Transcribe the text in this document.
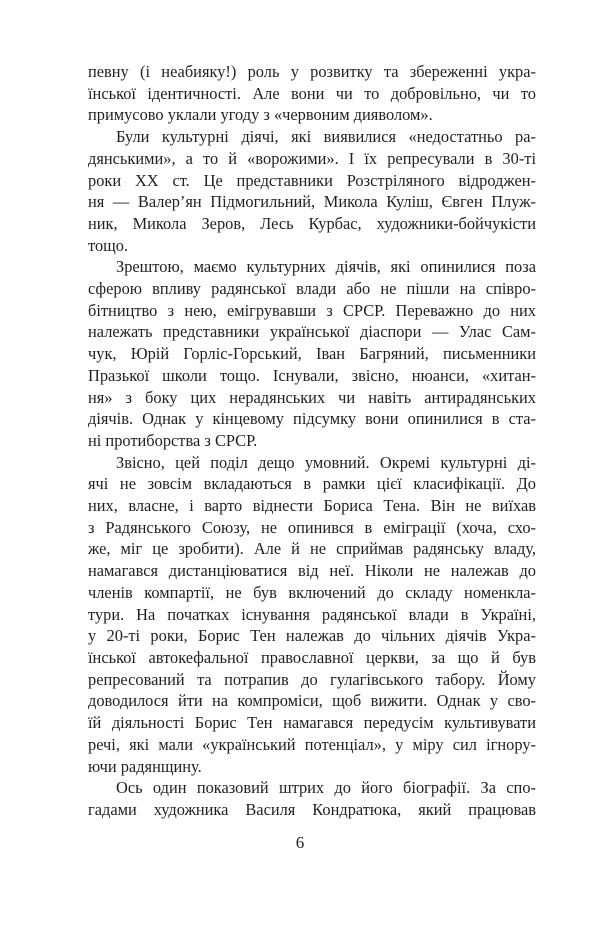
певну (і неабияку!) роль у розвитку та збереженні укра-
їнської ідентичності. Але вони чи то добровільно, чи то
примусово уклали угоду з «червоним дияволом».
Були культурні діячі, які виявилися «недостатньо ра-
дянськими», а то й «ворожими». І їх репресували в 30-ті
роки XX ст. Це представники Розстріляного відроджен-
ня — Валер’ян Підмогильний, Микола Куліш, Євген Плуж-
ник, Микола Зеров, Лесь Курбас, художники-бойчукісти
тощо.
Зрештою, маємо культурних діячів, які опинилися поза
сферою впливу радянської влади або не пішли на співро-
бітництво з нею, емігрувавши з СРСР. Переважно до них
належать представники української діаспори — Улас Сам-
чук, Юрій Горліс-Горський, Іван Багряний, письменники
Празької школи тощо. Існували, звісно, нюанси, «хитан-
ня» з боку цих нерадянських чи навіть антирадянських
діячів. Однак у кінцевому підсумку вони опинилися в ста-
ні протиборства з СРСР.
Звісно, цей поділ дещо умовний. Окремі культурні ді-
ячі не зовсім вкладаються в рамки цієї класифікації. До
них, власне, і варто віднести Бориса Тена. Він не виїхав
з Радянського Союзу, не опинився в еміграції (хоча, схо-
же, міг це зробити). Але й не сприймав радянську владу,
намагався дистанціюватися від неї. Ніколи не належав до
членів компартії, не був включений до складу номенкла-
тури. На початках існування радянської влади в Україні,
у 20-ті роки, Борис Тен належав до чільних діячів Укра-
їнської автокефальної православної церкви, за що й був
репресований та потрапив до гулагівського табору. Йому
доводилося йти на компроміси, щоб вижити. Однак у сво-
їй діяльності Борис Тен намагався передусім культивувати
речі, які мали «український потенціал», у міру сил ігнору-
ючи радянщину.
Ось один показовий штрих до його біографії. За спо-
гадами художника Василя Кондратюка, який працював
6
